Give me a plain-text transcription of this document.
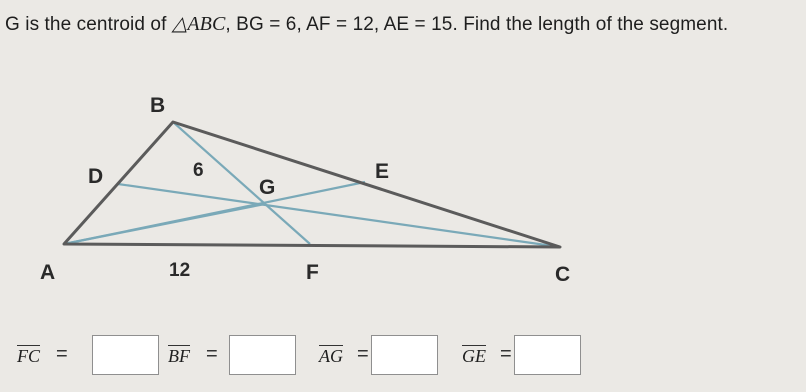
G is the centroid of △ABC, BG = 6, AF = 12, AE = 15. Find the length of the segment.
B
D	G
E
A	F	C
6
12
FC =	BF =	AG =	GE =
